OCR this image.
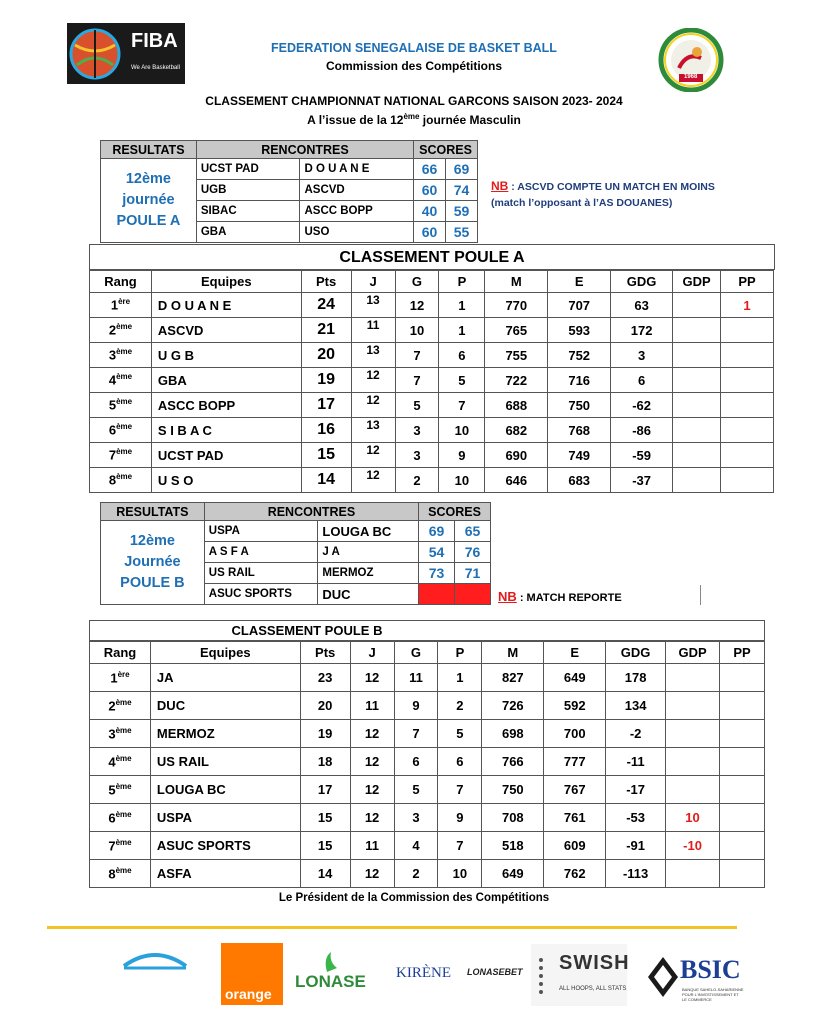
FIBA
We Are Basketball
1968
FEDERATION SENEGALAISE DE BASKET BALL
Commission des Compétitions
CLASSEMENT CHAMPIONNAT NATIONAL GARCONS SAISON 2023- 2024
A l’issue de la 12ème journée Masculin
RESULTATS	RENCONTRES		SCORES	
12ème journée POULE A	UCST PAD	D O U A N E	66	69
	UGB	ASCVD	60	74
	SIBAC	ASCC BOPP	40	59
	GBA	USO	60	55
NB : ASCVD COMPTE UN MATCH EN MOINS (match l’opposant à l’AS DOUANES)
CLASSEMENT POULE A
Rang	Equipes	Pts	J	G	P	M	E	GDG	GDP	PP
1ère	D O U A N E	24	13	12	1	770	707	63		1
2ème	ASCVD	21	11	10	1	765	593	172		
3ème	U G B	20	13	7	6	755	752	3		
4ème	GBA	19	12	7	5	722	716	6		
5ème	ASCC BOPP	17	12	5	7	688	750	-62		
6ème	S I B A C	16	13	3	10	682	768	-86		
7ème	UCST PAD	15	12	3	9	690	749	-59		
8ème	U S O	14	12	2	10	646	683	-37		
RESULTATS	RENCONTRES		SCORES	
12ème Journée POULE B	USPA	LOUGA BC	69	65
	A S F A	J A	54	76
	US RAIL	MERMOZ	73	71
	ASUC SPORTS	DUC			NB : MATCH REPORTE
CLASSEMENT POULE B
Rang	Equipes	Pts	J	G	P	M	E	GDG	GDP	PP
1ère	JA	23	12	11	1	827	649	178		
2ème	DUC	20	11	9	2	726	592	134		
3ème	MERMOZ	19	12	7	5	698	700	-2		
4ème	US RAIL	18	12	6	6	766	777	-11		
5ème	LOUGA BC	17	12	5	7	750	767	-17		
6ème	USPA	15	12	3	9	708	761	-53	10	
7ème	ASUC SPORTS	15	11	4	7	518	609	-91	-10	
8ème	ASFA	14	12	2	10	649	762	-113		
Le Président de la Commission des Compétitions
orange
LONASE KIRÈNE	LONASEBET SWISH
ALL HOOPS, ALL STATS
BSIC
BANQUE SAHELO-SAHARIENNE POUR L'INVESTISSEMENT ET LE COMMERCE
